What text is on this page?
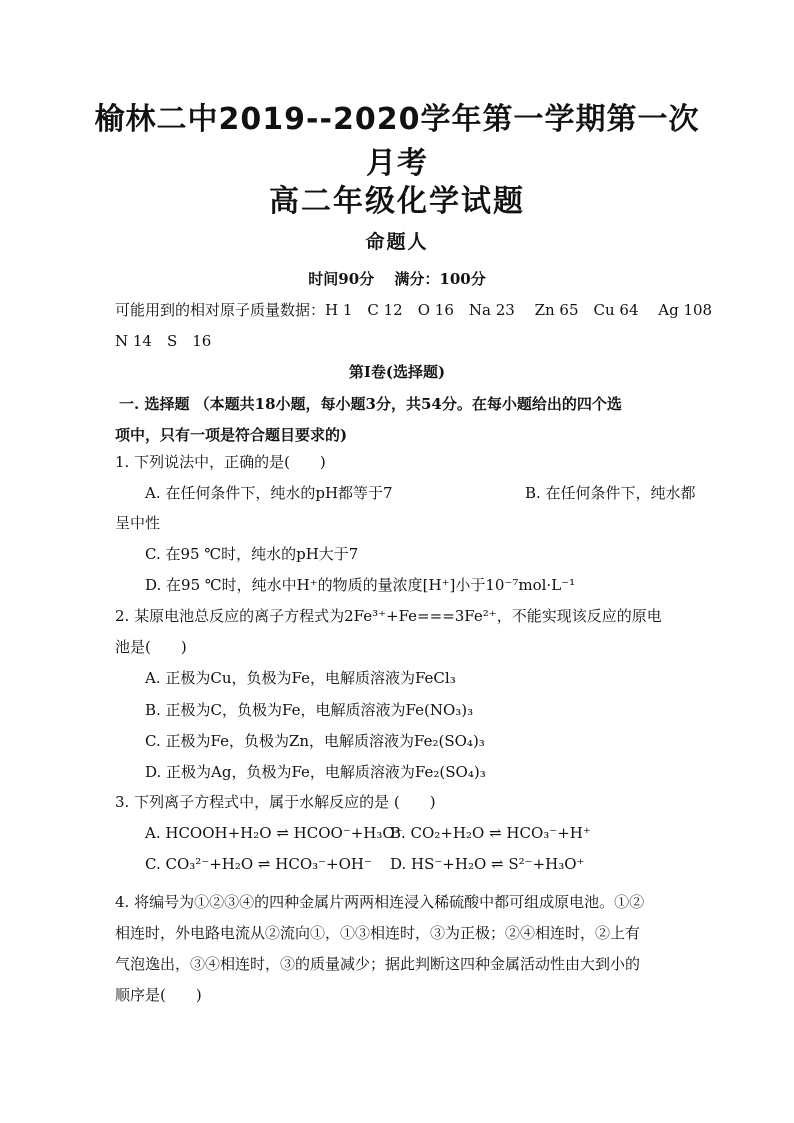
榆林二中2019--2020学年第一学期第一次
月考
高二年级化学试题
命题人
时间90分　 满分：100分
可能用到的相对原子质量数据：H 1　C 12　O 16　Na 23　 Zn 65　Cu 64　 Ag 108
N 14　S　16
第Ⅰ卷(选择题)
一. 选择题 （本题共18小题，每小题3分，共54分。在每小题给出的四个选
项中，只有一项是符合题目要求的)
1. 下列说法中，正确的是(　　)
A. 在任何条件下，纯水的pH都等于7	B. 在任何条件下，纯水都
呈中性
C. 在95 ℃时，纯水的pH大于7
D. 在95 ℃时，纯水中H⁺的物质的量浓度[H⁺]小于10⁻⁷mol·L⁻¹
2. 某原电池总反应的离子方程式为2Fe³⁺+Fe===3Fe²⁺，不能实现该反应的原电
池是(　　)
A. 正极为Cu，负极为Fe，电解质溶液为FeCl₃
B. 正极为C，负极为Fe，电解质溶液为Fe(NO₃)₃
C. 正极为Fe，负极为Zn，电解质溶液为Fe₂(SO₄)₃
D. 正极为Ag，负极为Fe，电解质溶液为Fe₂(SO₄)₃
3. 下列离子方程式中，属于水解反应的是 (　　)
A. HCOOH+H₂O ⇌ HCOO⁻+H₃O⁺
B. CO₂+H₂O ⇌ HCO₃⁻+H⁺
C. CO₃²⁻+H₂O ⇌ HCO₃⁻+OH⁻ D. HS⁻+H₂O ⇌ S²⁻+H₃O⁺
4. 将编号为①②③④的四种金属片两两相连浸入稀硫酸中都可组成原电池。①②
相连时，外电路电流从②流向①，①③相连时，③为正极；②④相连时，②上有
气泡逸出，③④相连时，③的质量减少；据此判断这四种金属活动性由大到小的
顺序是(　　)
